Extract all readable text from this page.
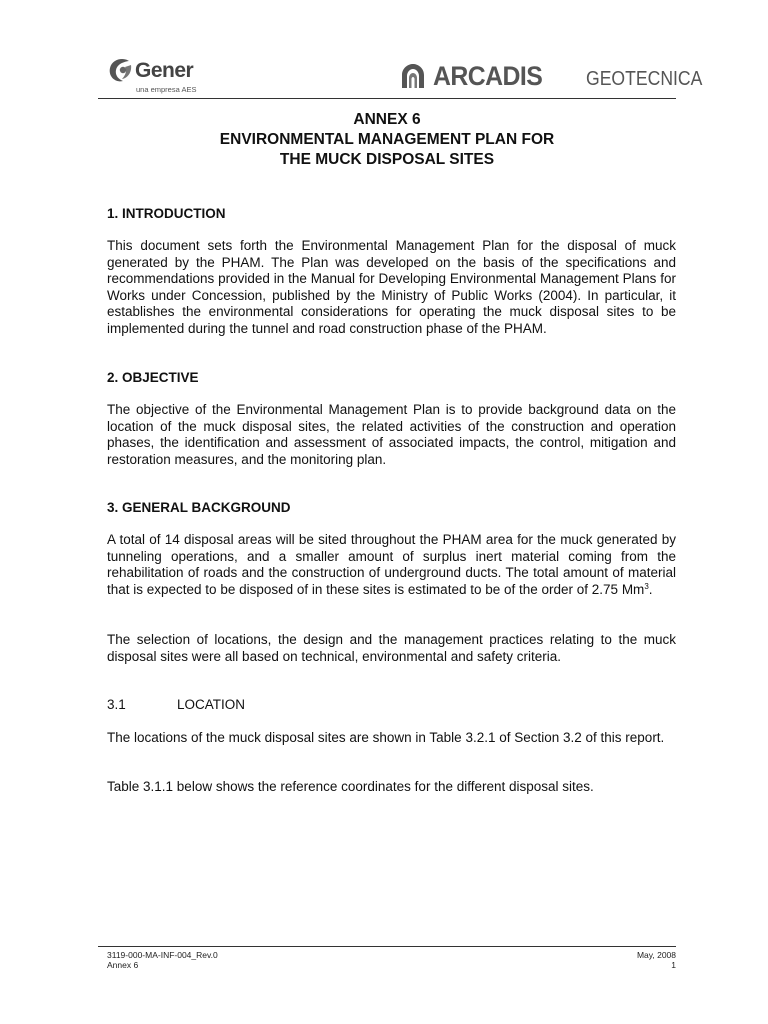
Gener
una empresa AES	ARCADIS GEOTECNICA
ANNEX 6
ENVIRONMENTAL MANAGEMENT PLAN FOR
THE MUCK DISPOSAL SITES
1. INTRODUCTION
This document sets forth the Environmental Management Plan for the disposal of muck generated by the PHAM. The Plan was developed on the basis of the specifications and recommendations provided in the Manual for Developing Environmental Management Plans for Works under Concession, published by the Ministry of Public Works (2004). In particular, it establishes the environmental considerations for operating the muck disposal sites to be implemented during the tunnel and road construction phase of the PHAM.
2. OBJECTIVE
The objective of the Environmental Management Plan is to provide background data on the location of the muck disposal sites, the related activities of the construction and operation phases, the identification and assessment of associated impacts, the control, mitigation and restoration measures, and the monitoring plan.
3. GENERAL BACKGROUND
A total of 14 disposal areas will be sited throughout the PHAM area for the muck generated by tunneling operations, and a smaller amount of surplus inert material coming from the rehabilitation of roads and the construction of underground ducts. The total amount of material that is expected to be disposed of in these sites is estimated to be of the order of 2.75 Mm$^3$.
The selection of locations, the design and the management practices relating to the muck disposal sites were all based on technical, environmental and safety criteria.
3.1	LOCATION
The locations of the muck disposal sites are shown in Table 3.2.1 of Section 3.2 of this report.
Table 3.1.1 below shows the reference coordinates for the different disposal sites.
3119-000-MA-INF-004_Rev.0
Annex 6
May, 2008
1
